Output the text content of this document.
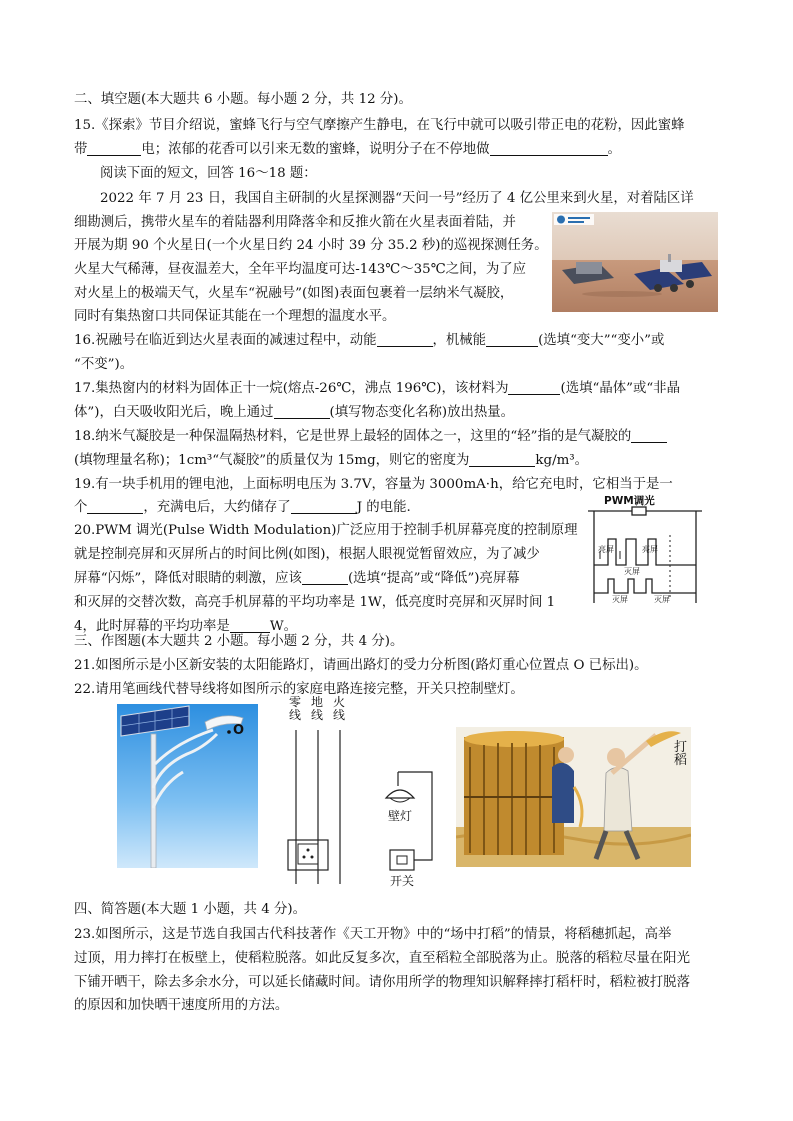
二、填空题(本大题共 6 小题。每小题 2 分，共 12 分)。
15.《探索》节目介绍说，蜜蜂飞行与空气摩擦产生静电，在飞行中就可以吸引带正电的花粉，因此蜜蜂
带	电；浓郁的花香可以引来无数的蜜蜂，说明分子在不停地做	。
阅读下面的短文，回答 16～18 题：
2022 年 7 月 23 日，我国自主研制的火星探测器“天问一号”经历了 4 亿公里来到火星，对着陆区详
细勘测后，携带火星车的着陆器利用降落伞和反推火箭在火星表面着陆，并
开展为期 90 个火星日(一个火星日约 24 小时 39 分 35.2 秒)的巡视探测任务。
火星大气稀薄，昼夜温差大，全年平均温度可达-143℃～35℃之间，为了应
对火星上的极端天气，火星车“祝融号”(如图)表面包裹着一层纳米气凝胶，
同时有集热窗口共同保证其能在一个理想的温度水平。
16.祝融号在临近到达火星表面的减速过程中，动能	，机械能	(选填“变大”“变小”或
“不变”)。
17.集热窗内的材料为固体正十一烷(熔点-26℃，沸点 196℃)，该材料为	(选填“晶体”或“非晶
体”)，白天吸收阳光后，晚上通过	(填写物态变化名称)放出热量。
18.纳米气凝胶是一种保温隔热材料，它是世界上最轻的固体之一，这里的“轻”指的是气凝胶的
(填物理量名称)；1cm³“气凝胶”的质量仅为 15mg，则它的密度为	kg/m³。
19.有一块手机用的锂电池，上面标明电压为 3.7V，容量为 3000mA·h，给它充电时，它相当于是一
个	，充满电后，大约储存了	J 的电能.
20.PWM 调光(Pulse Width Modulation)广泛应用于控制手机屏幕亮度的控制原理
就是控制亮屏和灭屏所占的时间比例(如图)，根据人眼视觉暂留效应，为了减少
屏幕“闪烁”，降低对眼睛的刺激，应该	(选填“提高”或“降低”)亮屏幕
和灭屏的交替次数，高亮手机屏幕的平均功率是 1W，低亮度时亮屏和灭屏时间 1
4，此时屏幕的平均功率是	W。
PWM调光
亮屏	亮屏
灭屏
灭屏	灭屏
三、作图题(本大题共 2 小题。每小题 2 分，共 4 分)。
21.如图所示是小区新安装的太阳能路灯，请画出路灯的受力分析图(路灯重心位置点 O 已标出)。
22.请用笔画线代替导线将如图所示的家庭电路连接完整，开关只控制壁灯。
O
零线
地线
火线
壁灯
开关
打稻
四、简答题(本大题 1 小题，共 4 分)。
23.如图所示，这是节选自我国古代科技著作《天工开物》中的“场中打稻”的情景，将稻穗抓起，高举
过顶，用力摔打在板壁上，使稻粒脱落。如此反复多次，直至稻粒全部脱落为止。脱落的稻粒尽量在阳光
下铺开晒干，除去多余水分，可以延长储藏时间。请你用所学的物理知识解释摔打稻杆时，稻粒被打脱落
的原因和加快晒干速度所用的方法。
